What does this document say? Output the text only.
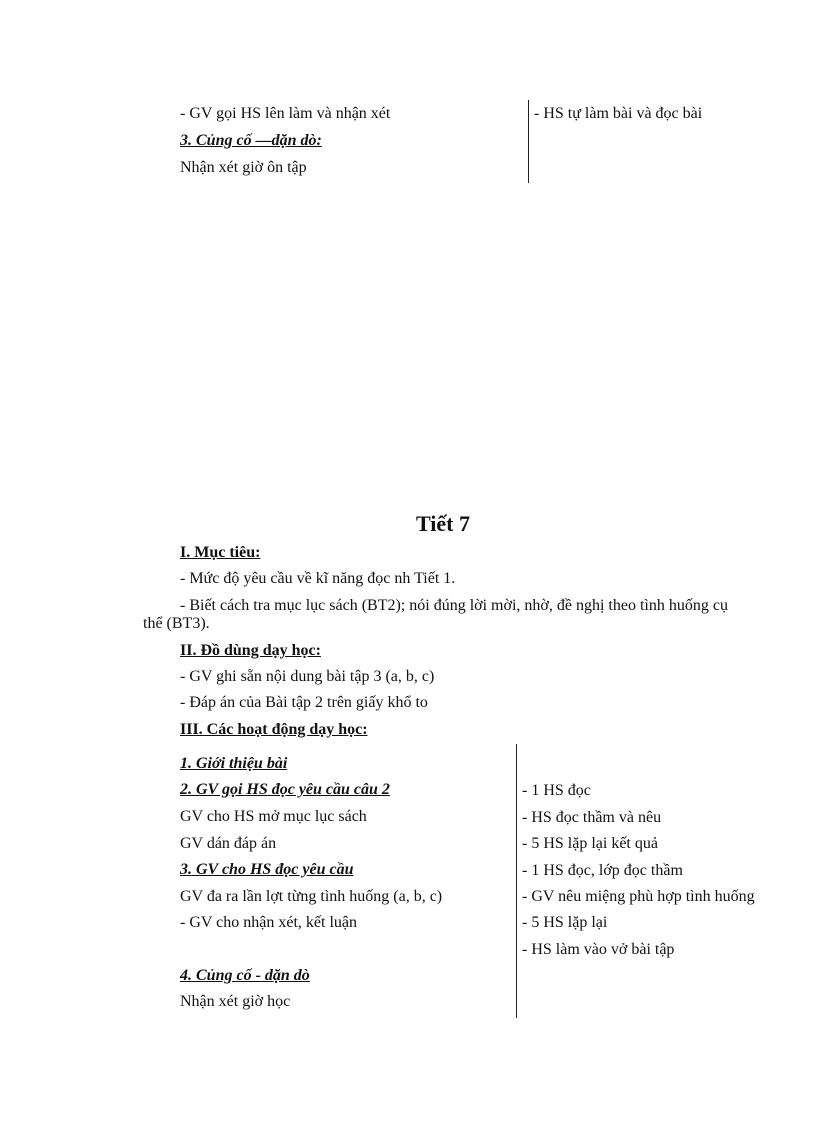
- GV gọi HS lên làm và nhận xét
3. Củng cố —dặn dò:
Nhận xét giờ ôn tập
- HS tự làm bài và đọc bài
Tiết 7
I. Mục tiêu:
- Mức độ yêu cầu về kĩ năng đọc nh Tiết 1.
- Biết cách tra mục lục sách (BT2); nói đúng lời mời, nhờ, đề nghị theo tình huống cụ
thể (BT3).
II. Đồ dùng dạy học:
- GV ghi sẵn nội dung bài tập 3 (a, b, c)
- Đáp án của Bài tập 2 trên giấy khổ to
III. Các hoạt động dạy học:
1. Giới thiệu bài
2. GV gọi HS đọc yêu cầu câu 2
GV cho HS mở mục lục sách
GV dán đáp án
3. GV cho HS đọc yêu cầu
GV đa ra lần lợt từng tình huống (a, b, c)
- GV cho nhận xét, kết luận
4. Củng cố - dặn dò
Nhận xét giờ học
- 1 HS đọc
- HS đọc thầm và nêu
- 5 HS lặp lại kết quả
- 1 HS đọc, lớp đọc thầm
- GV nêu miệng phù hợp tình huống
- 5 HS lặp lại
- HS làm vào vở bài tập
